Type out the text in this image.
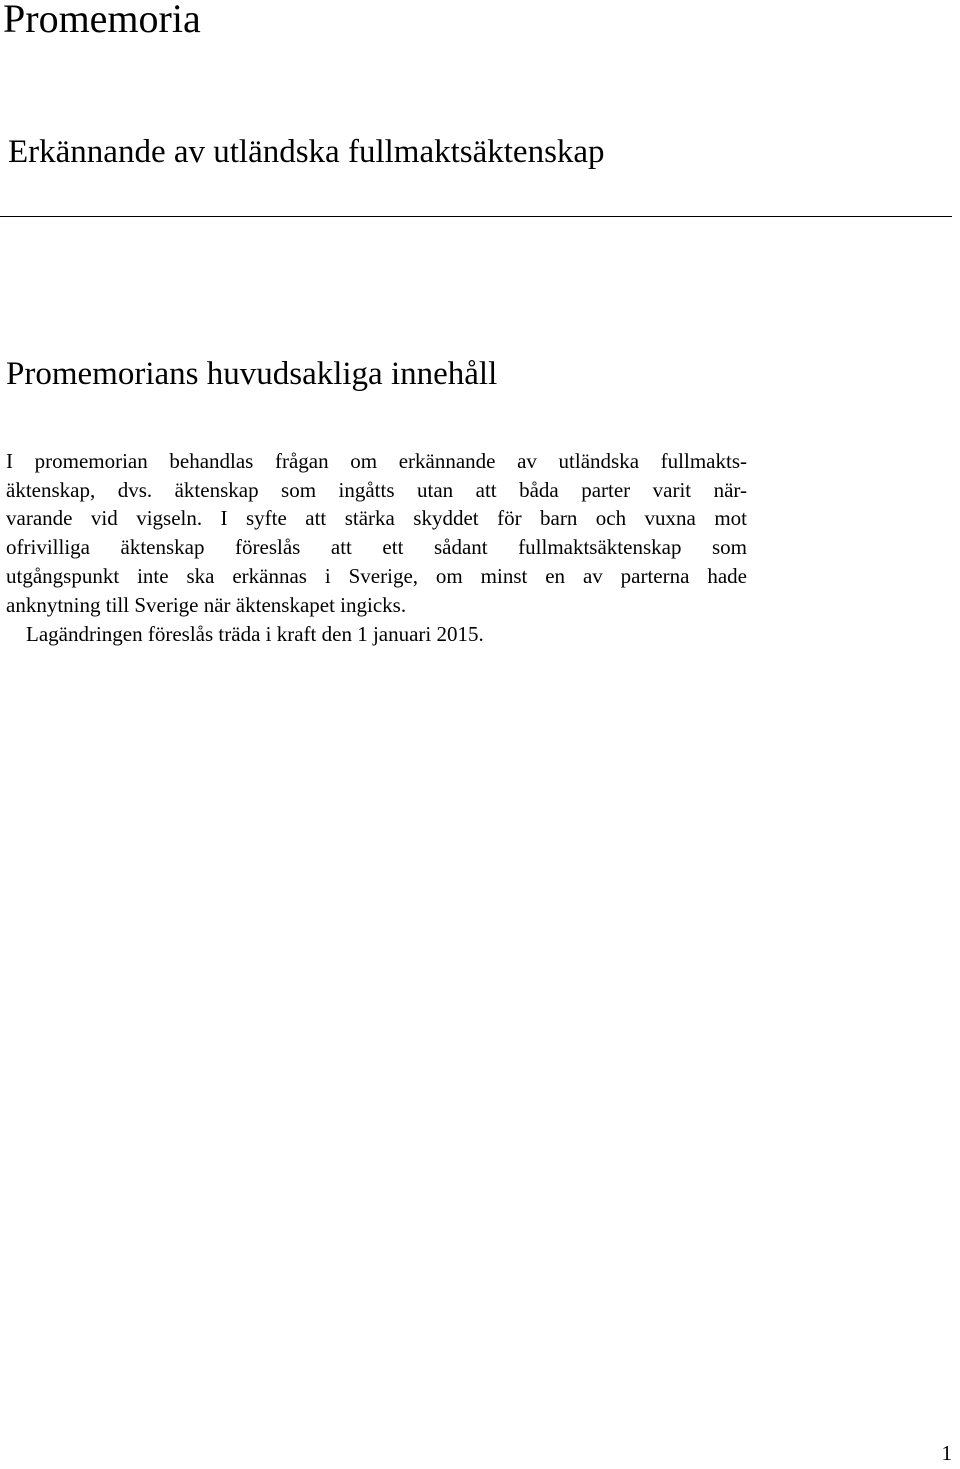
Promemoria
Erkännande av utländska fullmaktsäktenskap
Promemorians huvudsakliga innehåll
I promemorian behandlas frågan om erkännande av utländska fullmakts-
äktenskap, dvs. äktenskap som ingåtts utan att båda parter varit när-
varande vid vigseln. I syfte att stärka skyddet för barn och vuxna mot
ofrivilliga äktenskap föreslås att ett sådant fullmaktsäktenskap som
utgångspunkt inte ska erkännas i Sverige, om minst en av parterna hade
anknytning till Sverige när äktenskapet ingicks.
Lagändringen föreslås träda i kraft den 1 januari 2015.
1
